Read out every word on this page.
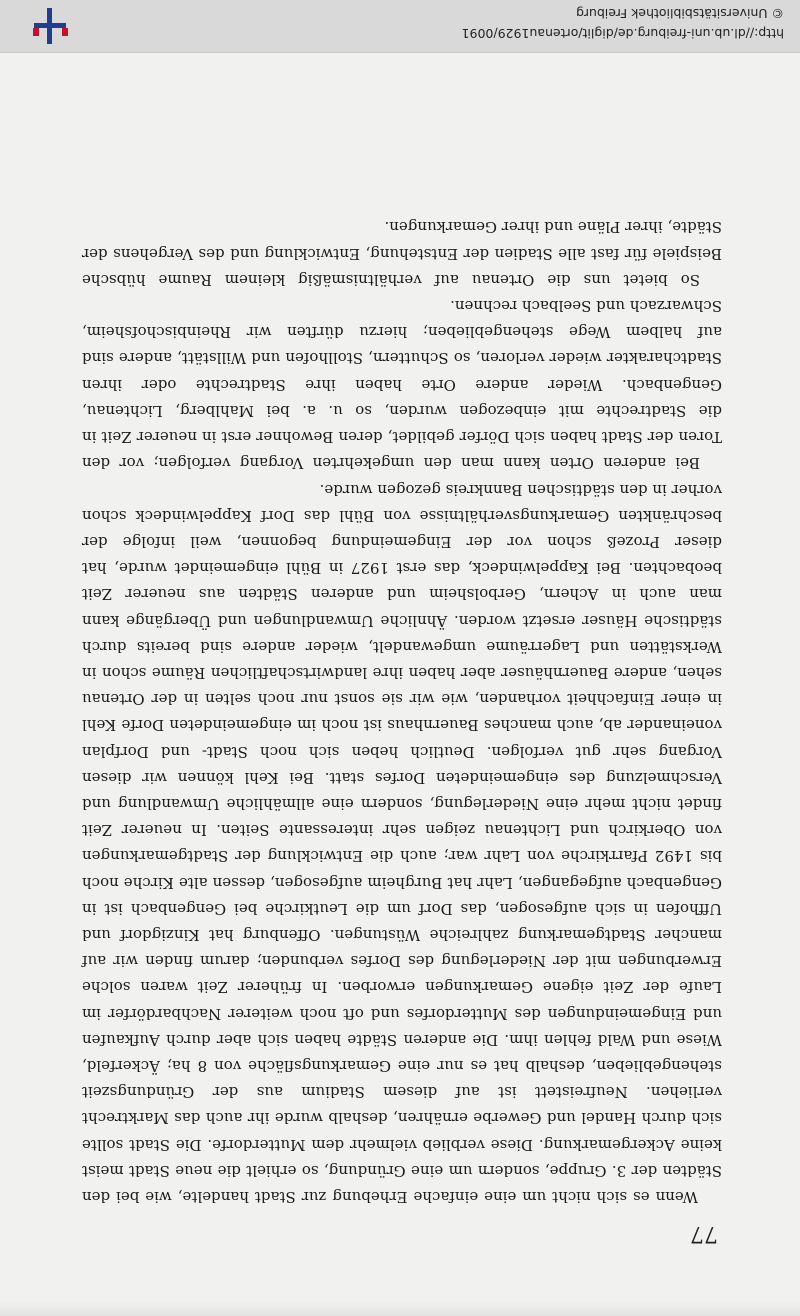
77

Wenn es sich nicht um eine einfache Erhebung zur Stadt handelte, wie bei den Städten der 3. Gruppe, sondern um eine Gründung, so erhielt die neue Stadt meist keine Ackergemarkung. Diese verblieb vielmehr dem Mutterdorfe. Die Stadt sollte sich durch Handel und Gewerbe ernähren, deshalb wurde ihr auch das Marktrecht verliehen. Neufreistett ist auf diesem Stadium aus der Gründungszeit stehengeblieben, deshalb hat es nur eine Gemarkungsfläche von 8 ha; Äckerfeld, Wiese und Wald fehlen ihm. Die anderen Städte haben sich aber durch Aufkaufen und Eingemeindungen des Mutterdorfes und oft noch weiterer Nachbardörfer im Laufe der Zeit eigene Gemarkungen erworben. In früherer Zeit waren solche Erwerbungen mit der Niederlegung des Dorfes verbunden; darum finden wir auf mancher Stadtgemarkung zahlreiche Wüstungen. Offenburg hat Kinzigdorf und Uffhofen in sich aufgesogen, das Dorf um die Leutkirche bei Gengenbach ist in Gengenbach aufgegangen, Lahr hat Burgheim aufgesogen, dessen alte Kirche noch bis 1492 Pfarrkirche von Lahr war; auch die Entwicklung der Stadtgemarkungen von Oberkirch und Lichtenau zeigen sehr interessante Seiten. In neuerer Zeit findet nicht mehr eine Niederlegung, sondern eine allmähliche Umwandlung und Verschmelzung des eingemeindeten Dorfes statt. Bei Kehl können wir diesen Vorgang sehr gut verfolgen. Deutlich heben sich noch Stadt- und Dorfplan voneinander ab, auch manches Bauernhaus ist noch im eingemeindeten Dorfe Kehl in einer Einfachheit vorhanden, wie wir sie sonst nur noch selten in der Ortenau sehen, andere Bauernhäuser aber haben ihre landwirtschaftlichen Räume schon in Werkstätten und Lagerräume umgewandelt, wieder andere sind bereits durch städtische Häuser ersetzt worden. Ähnliche Umwandlungen und Übergänge kann man auch in Achern, Gerbolsheim und anderen Städten aus neuerer Zeit beobachten. Bei Kappelwindeck, das erst 1927 in Bühl eingemeindet wurde, hat dieser Prozeß schon vor der Eingemeindung begonnen, weil infolge der beschränkten Gemarkungsverhältnisse von Bühl das Dorf Kappelwindeck schon vorher in den städtischen Bannkreis gezogen wurde.

Bei anderen Orten kann man den umgekehrten Vorgang verfolgen; vor den Toren der Stadt haben sich Dörfer gebildet, deren Bewohner erst in neuerer Zeit in die Stadtrechte mit einbezogen wurden, so u. a. bei Mahlberg, Lichtenau, Gengenbach. Wieder andere Orte haben ihre Stadtrechte oder ihren Stadtcharakter wieder verloren, so Schuttern, Stollhofen und Willstätt, andere sind auf halbem Wege stehengeblieben; hierzu dürften wir Rheinbischofsheim, Schwarzach und Seelbach rechnen.

So bietet uns die Ortenau auf verhältnismäßig kleinem Raume hübsche Beispiele für fast alle Stadien der Entstehung, Entwicklung und des Vergehens der Städte, ihrer Pläne und ihrer Gemarkungen.

http://dl.ub.uni-freiburg.de/diglit/ortenau1929/0091
© Universitätsbibliothek Freiburg
